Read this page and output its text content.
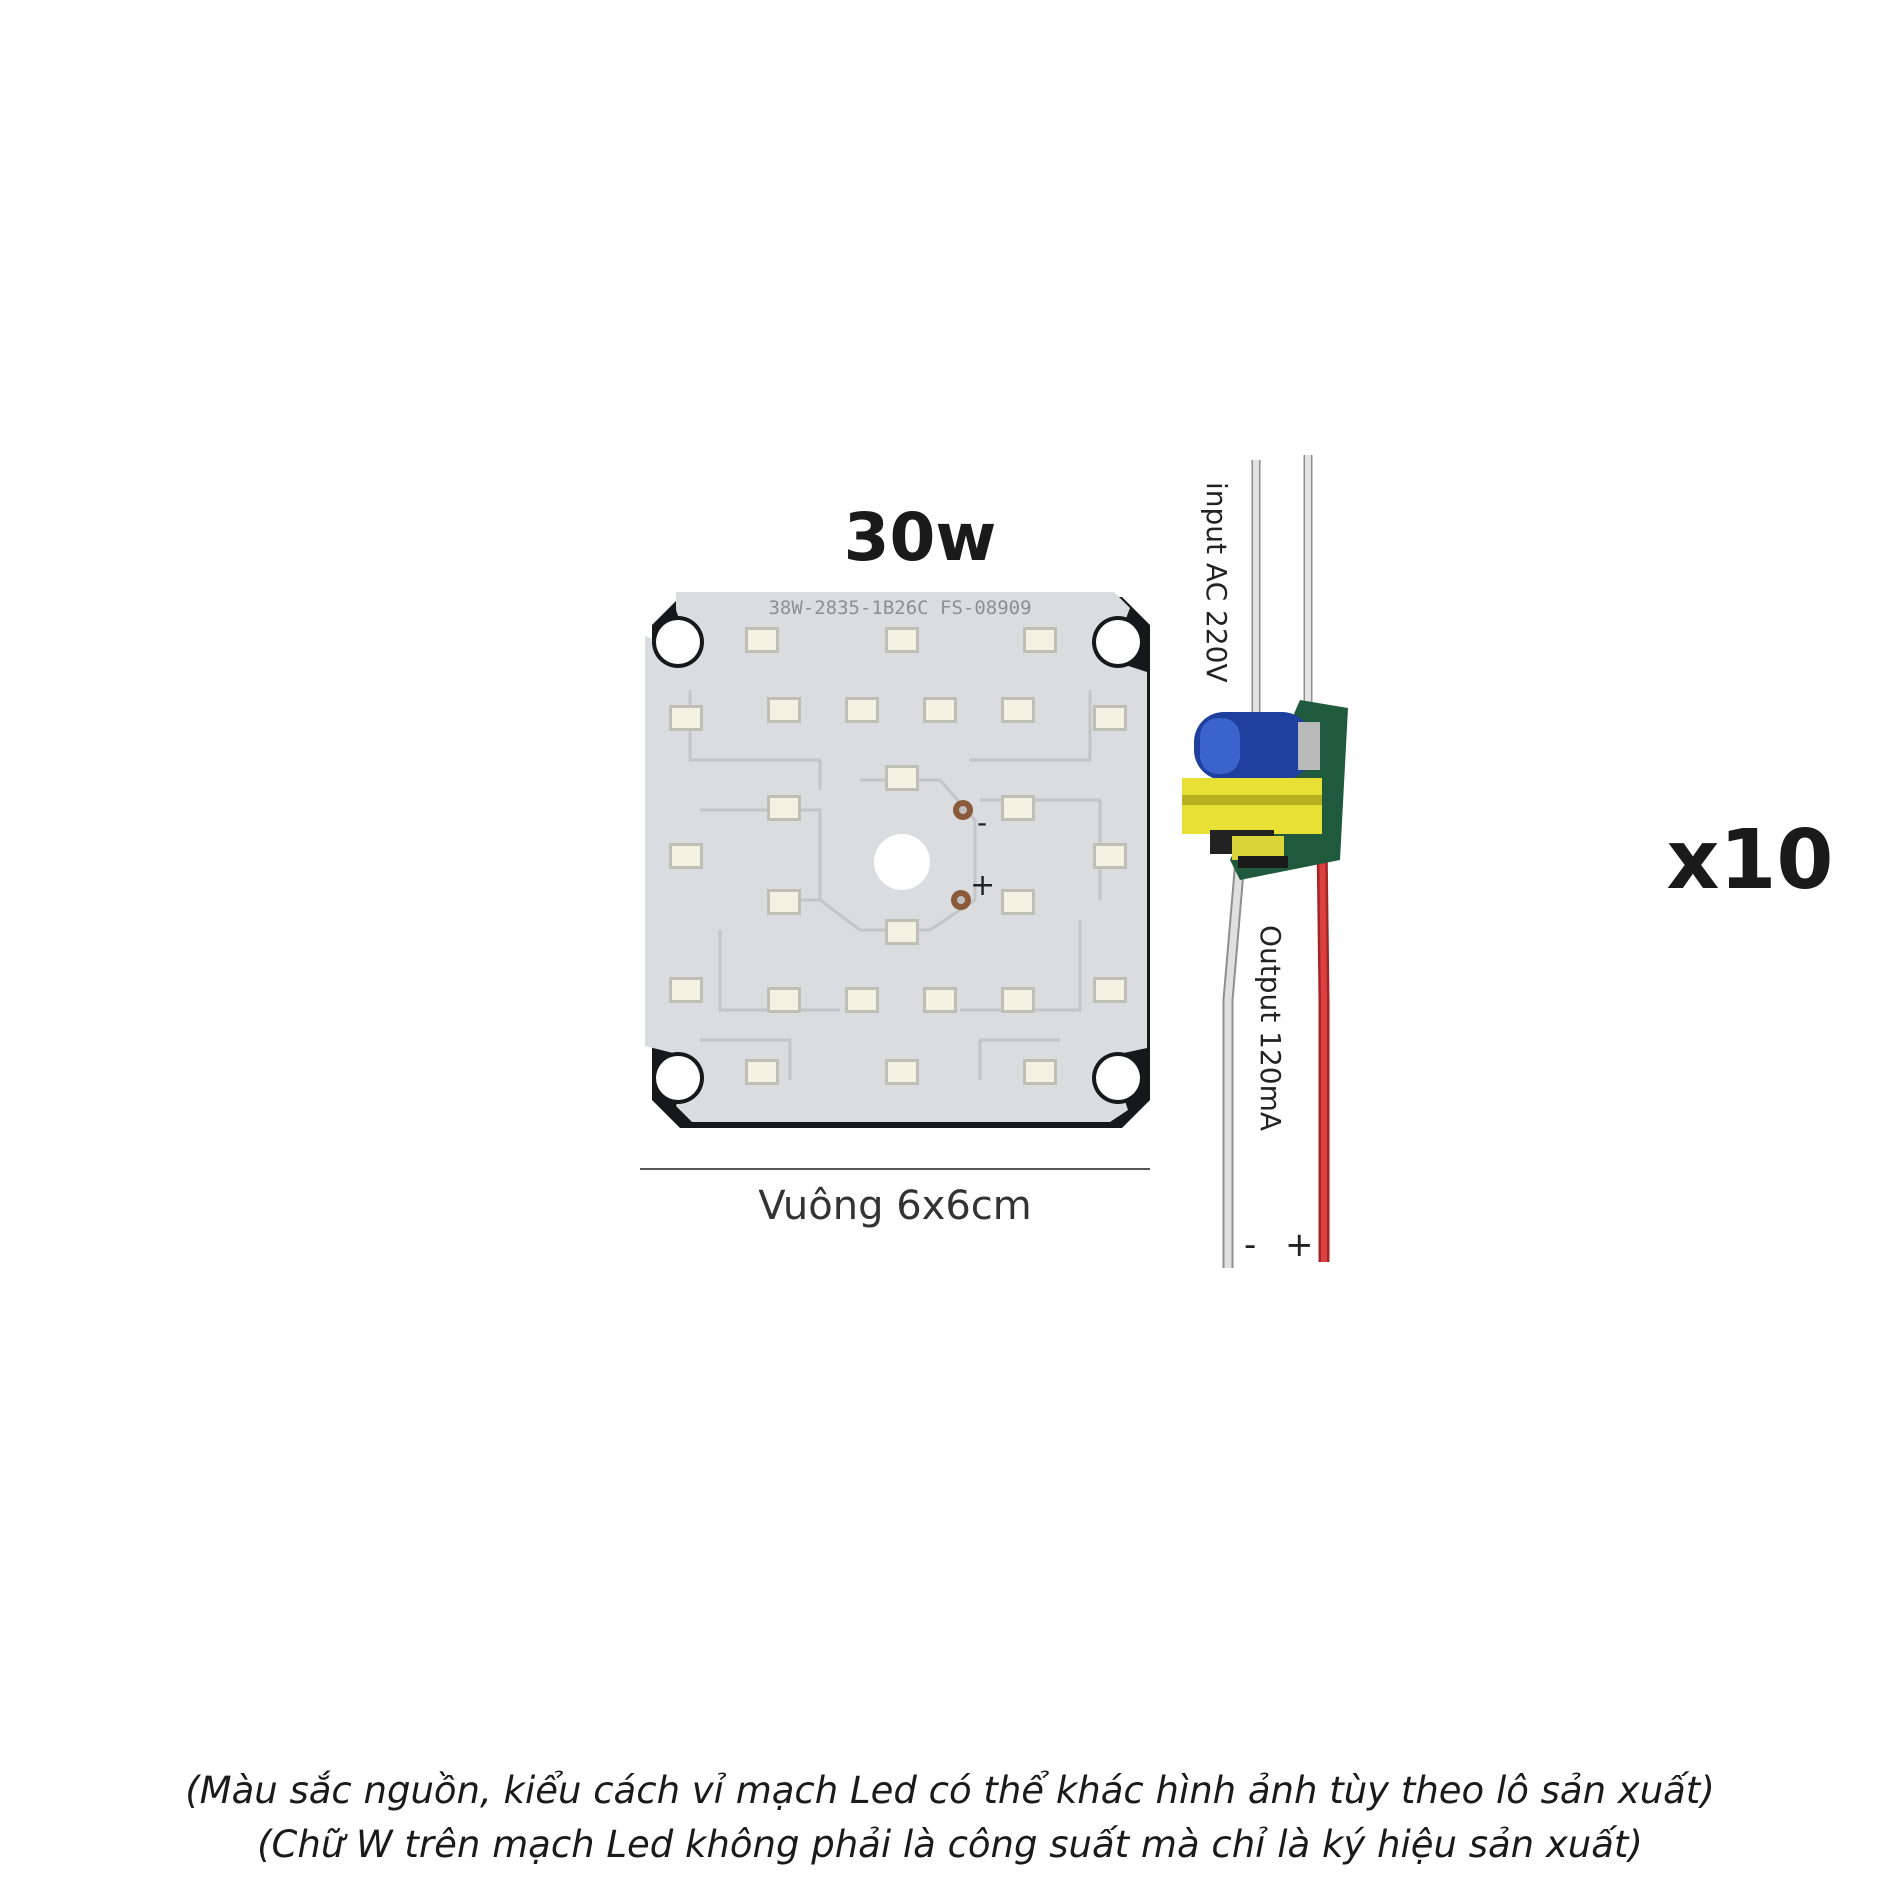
30w
38W-2835-1B26C FS-08909
-
+
input AC 220V
Output 120mA
- +
Vuông 6x6cm
x10
(Màu sắc nguồn, kiểu cách vỉ mạch Led có thể khác hình ảnh tùy theo lô sản xuất)
(Chữ W trên mạch Led không phải là công suất mà chỉ là ký hiệu sản xuất)
